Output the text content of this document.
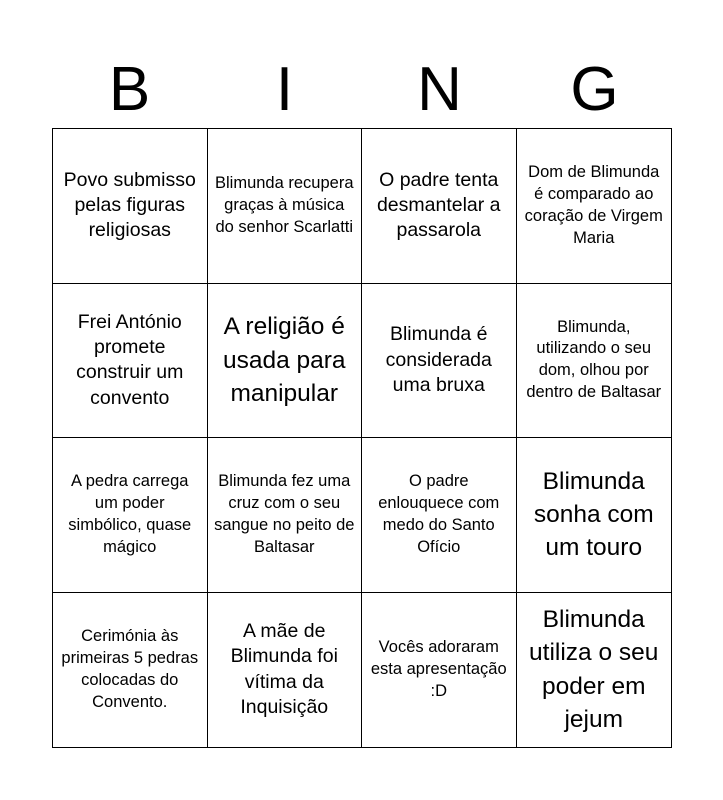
B	I	N	G
Povo submisso pelas figuras religiosas
Blimunda recupera graças à música do senhor Scarlatti
O padre tenta desmantelar a passarola
Dom de Blimunda é comparado ao coração de Virgem Maria
Frei António promete construir um convento
A religião é usada para manipular
Blimunda é considerada uma bruxa
Blimunda, utilizando o seu dom, olhou por dentro de Baltasar
A pedra carrega um poder simbólico, quase mágico
Blimunda fez uma cruz com o seu sangue no peito de Baltasar
O padre enlouquece com medo do Santo Ofício
Blimunda sonha com um touro
Cerimónia às primeiras 5 pedras colocadas do Convento.
A mãe de Blimunda foi vítima da Inquisição
Vocês adoraram esta apresentação :D
Blimunda utiliza o seu poder em jejum
